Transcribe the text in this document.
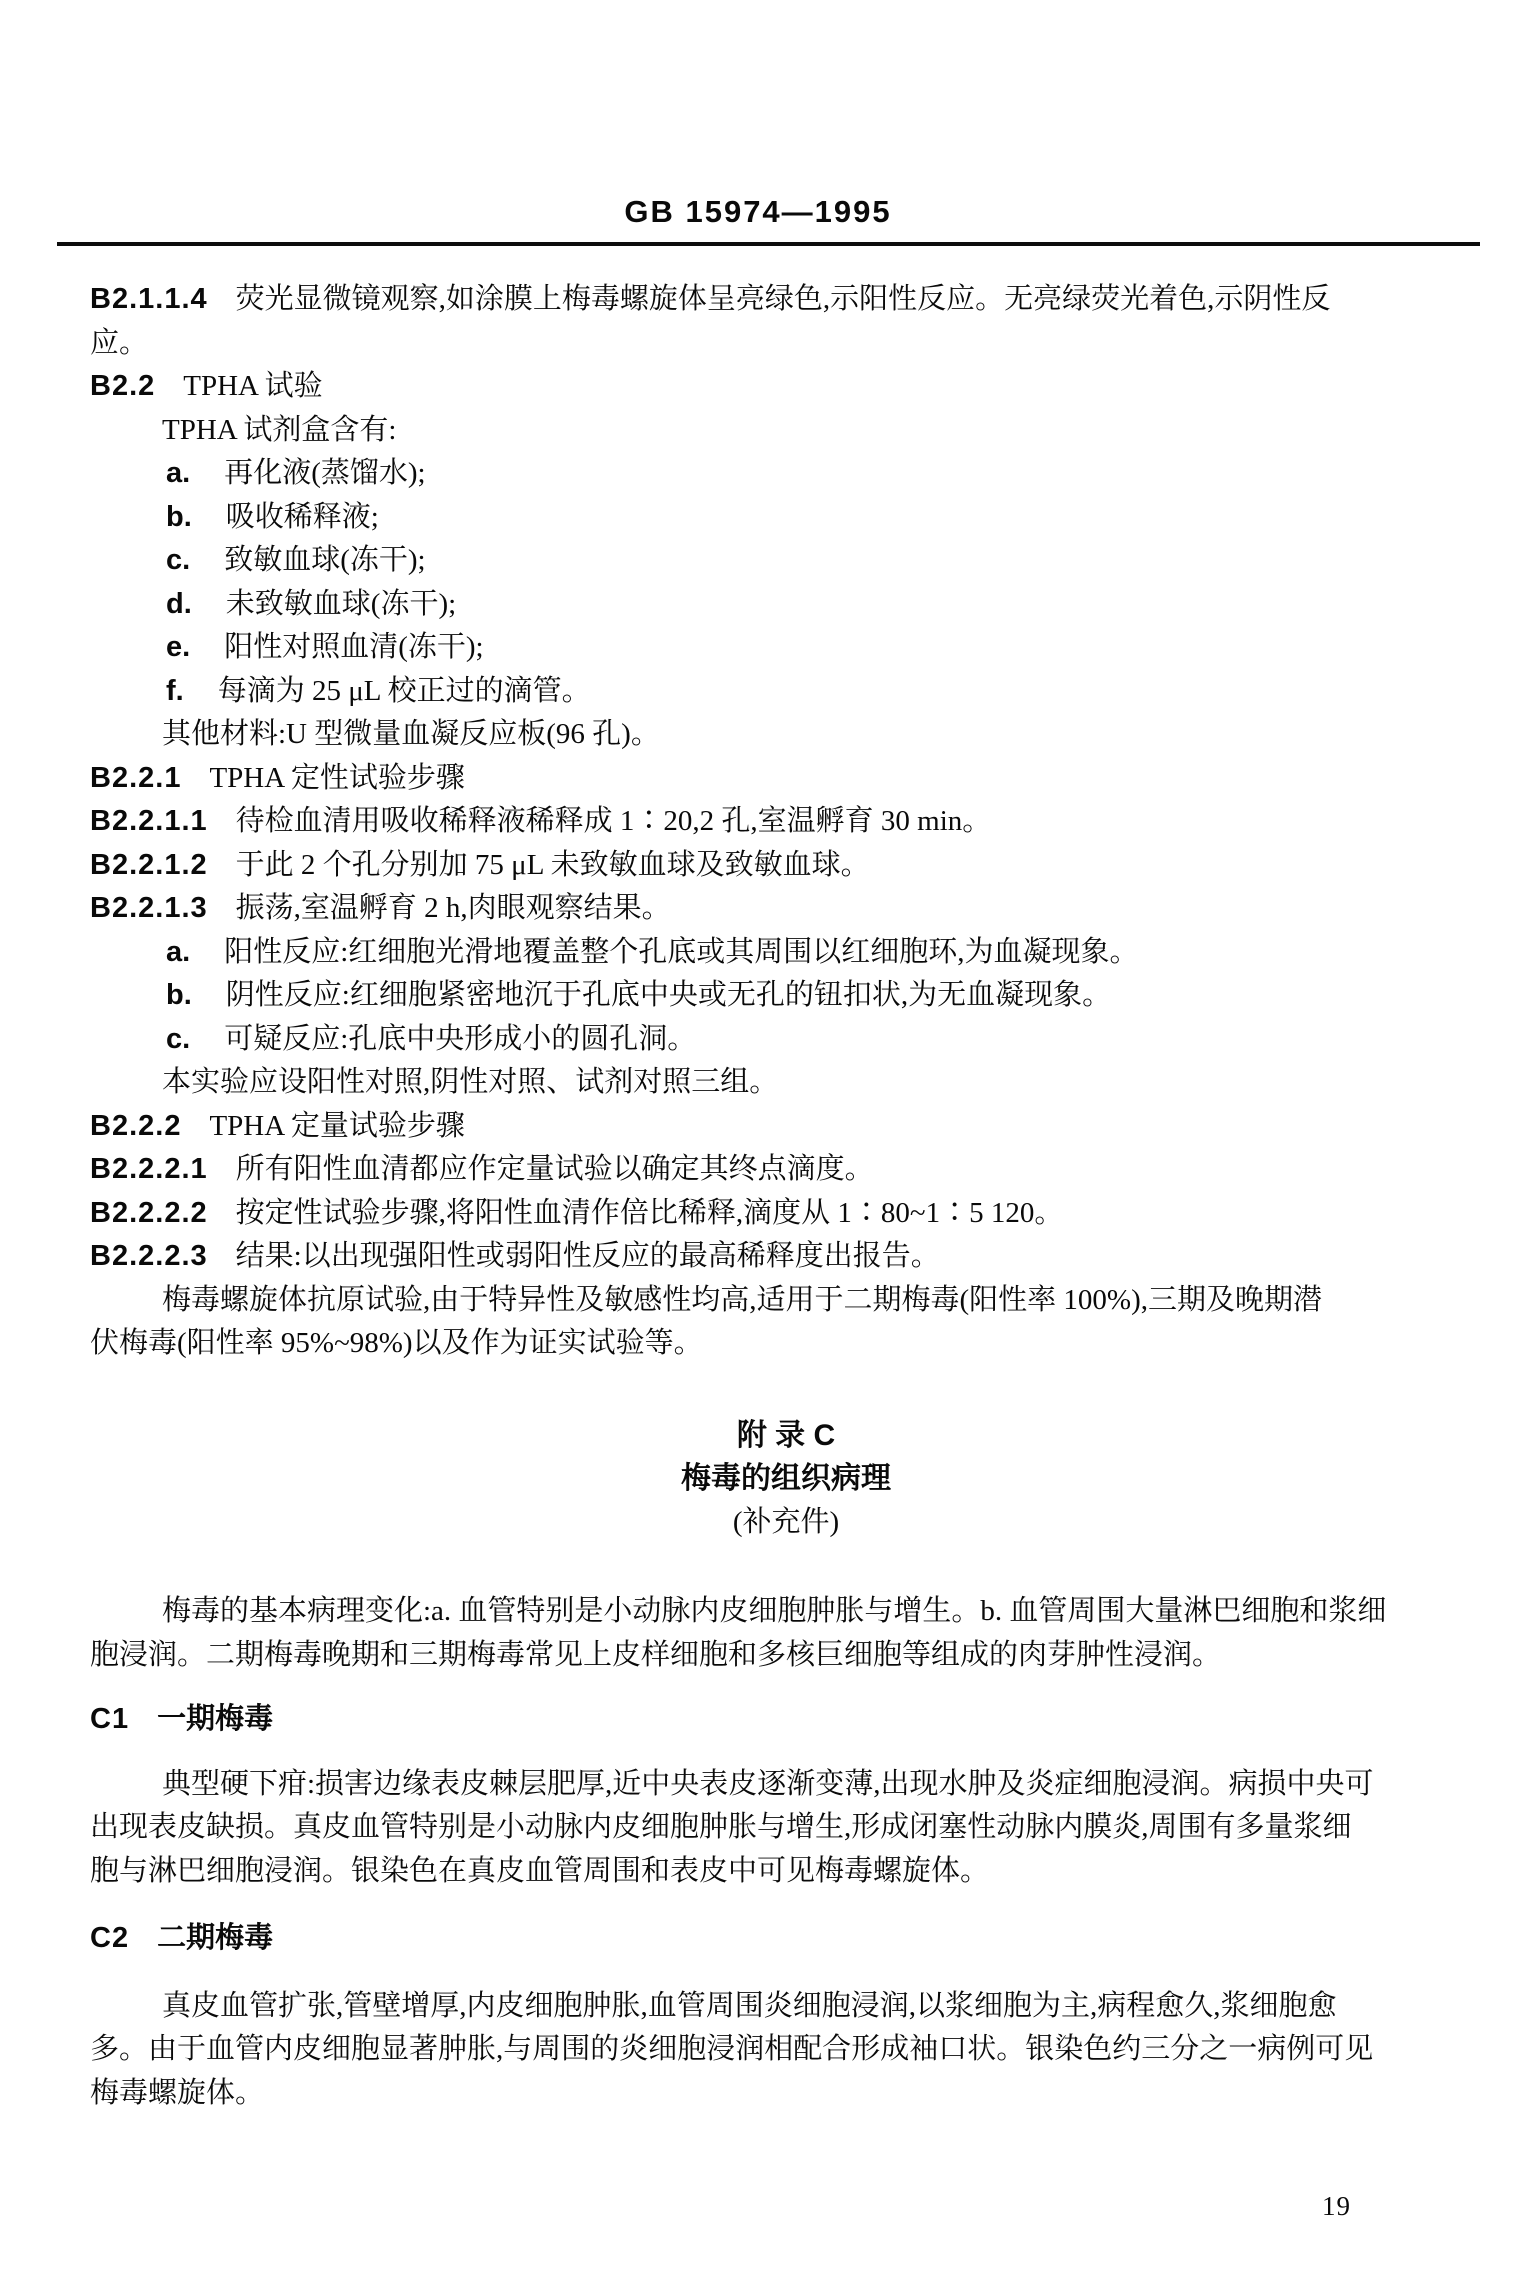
GB 15974—1995
B2.1.1.4 荧光显微镜观察,如涂膜上梅毒螺旋体呈亮绿色,示阳性反应。无亮绿荧光着色,示阴性反
应。
B2.2 TPHA 试验
TPHA 试剂盒含有:
a. 再化液(蒸馏水);
b. 吸收稀释液;
c. 致敏血球(冻干);
d. 未致敏血球(冻干);
e. 阳性对照血清(冻干);
f. 每滴为 25 μL 校正过的滴管。
其他材料:U 型微量血凝反应板(96 孔)。
B2.2.1 TPHA 定性试验步骤
B2.2.1.1 待检血清用吸收稀释液稀释成 1∶20,2 孔,室温孵育 30 min。
B2.2.1.2 于此 2 个孔分别加 75 μL 未致敏血球及致敏血球。
B2.2.1.3 振荡,室温孵育 2 h,肉眼观察结果。
a. 阳性反应:红细胞光滑地覆盖整个孔底或其周围以红细胞环,为血凝现象。
b. 阴性反应:红细胞紧密地沉于孔底中央或无孔的钮扣状,为无血凝现象。
c. 可疑反应:孔底中央形成小的圆孔洞。
本实验应设阳性对照,阴性对照、试剂对照三组。
B2.2.2 TPHA 定量试验步骤
B2.2.2.1 所有阳性血清都应作定量试验以确定其终点滴度。
B2.2.2.2 按定性试验步骤,将阳性血清作倍比稀释,滴度从 1∶80~1∶5 120。
B2.2.2.3 结果:以出现强阳性或弱阳性反应的最高稀释度出报告。
梅毒螺旋体抗原试验,由于特异性及敏感性均高,适用于二期梅毒(阳性率 100%),三期及晚期潜
伏梅毒(阳性率 95%~98%)以及作为证实试验等。
附 录 C
梅毒的组织病理
(补充件)
梅毒的基本病理变化:a. 血管特别是小动脉内皮细胞肿胀与增生。b. 血管周围大量淋巴细胞和浆细
胞浸润。二期梅毒晚期和三期梅毒常见上皮样细胞和多核巨细胞等组成的肉芽肿性浸润。
C1 一期梅毒
典型硬下疳:损害边缘表皮棘层肥厚,近中央表皮逐渐变薄,出现水肿及炎症细胞浸润。病损中央可
出现表皮缺损。真皮血管特别是小动脉内皮细胞肿胀与增生,形成闭塞性动脉内膜炎,周围有多量浆细
胞与淋巴细胞浸润。银染色在真皮血管周围和表皮中可见梅毒螺旋体。
C2 二期梅毒
真皮血管扩张,管壁增厚,内皮细胞肿胀,血管周围炎细胞浸润,以浆细胞为主,病程愈久,浆细胞愈
多。由于血管内皮细胞显著肿胀,与周围的炎细胞浸润相配合形成袖口状。银染色约三分之一病例可见
梅毒螺旋体。
19
